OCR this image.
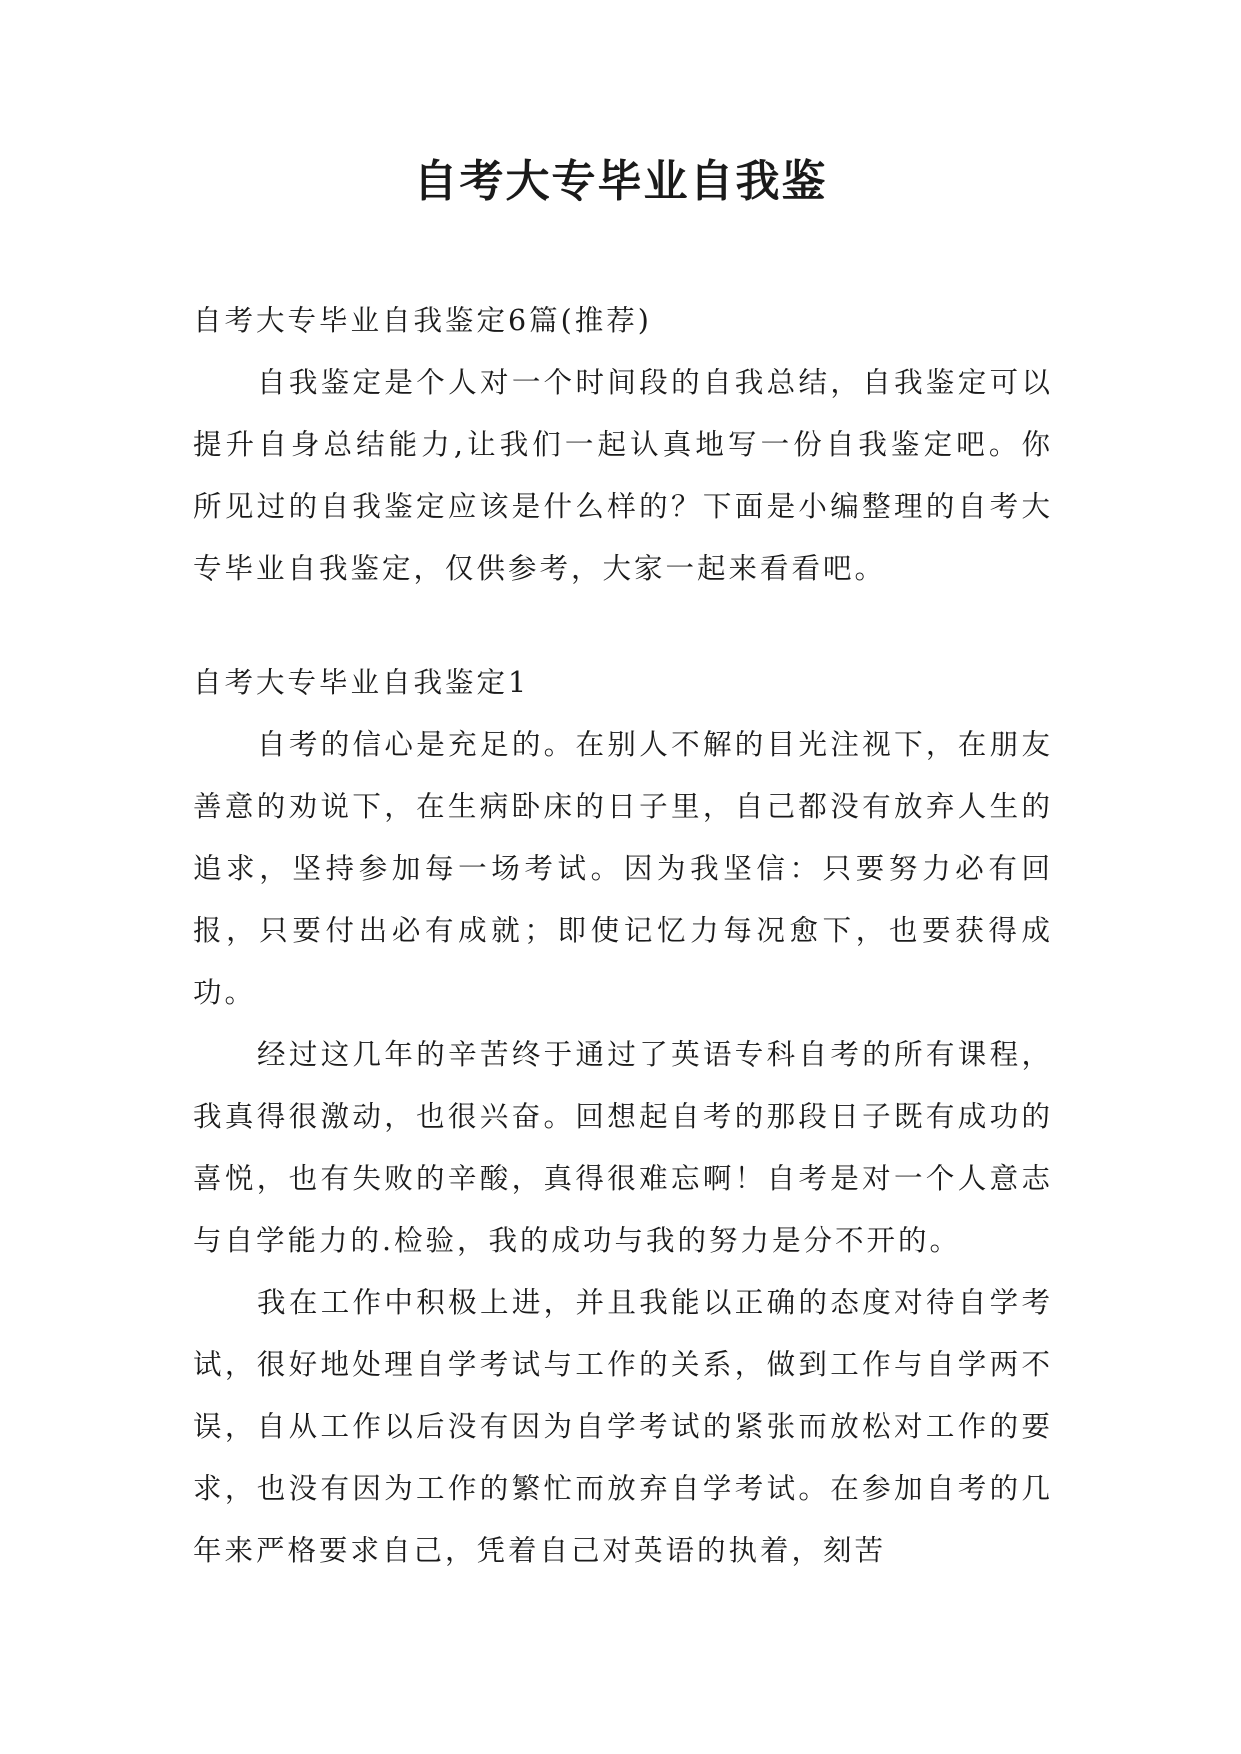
自考大专毕业自我鉴

自考大专毕业自我鉴定6篇(推荐)

自我鉴定是个人对一个时间段的自我总结，自我鉴定可以提升自身总结能力,让我们一起认真地写一份自我鉴定吧。你所见过的自我鉴定应该是什么样的？下面是小编整理的自考大专毕业自我鉴定，仅供参考，大家一起来看看吧。

自考大专毕业自我鉴定1

自考的信心是充足的。在别人不解的目光注视下，在朋友善意的劝说下，在生病卧床的日子里，自己都没有放弃人生的追求，坚持参加每一场考试。因为我坚信：只要努力必有回报，只要付出必有成就；即使记忆力每况愈下，也要获得成功。

经过这几年的辛苦终于通过了英语专科自考的所有课程，我真得很激动，也很兴奋。回想起自考的那段日子既有成功的喜悦，也有失败的辛酸，真得很难忘啊！自考是对一个人意志与自学能力的.检验，我的成功与我的努力是分不开的。

我在工作中积极上进，并且我能以正确的态度对待自学考试，很好地处理自学考试与工作的关系，做到工作与自学两不误，自从工作以后没有因为自学考试的紧张而放松对工作的要求，也没有因为工作的繁忙而放弃自学考试。在参加自考的几年来严格要求自己，凭着自己对英语的执着，刻苦
